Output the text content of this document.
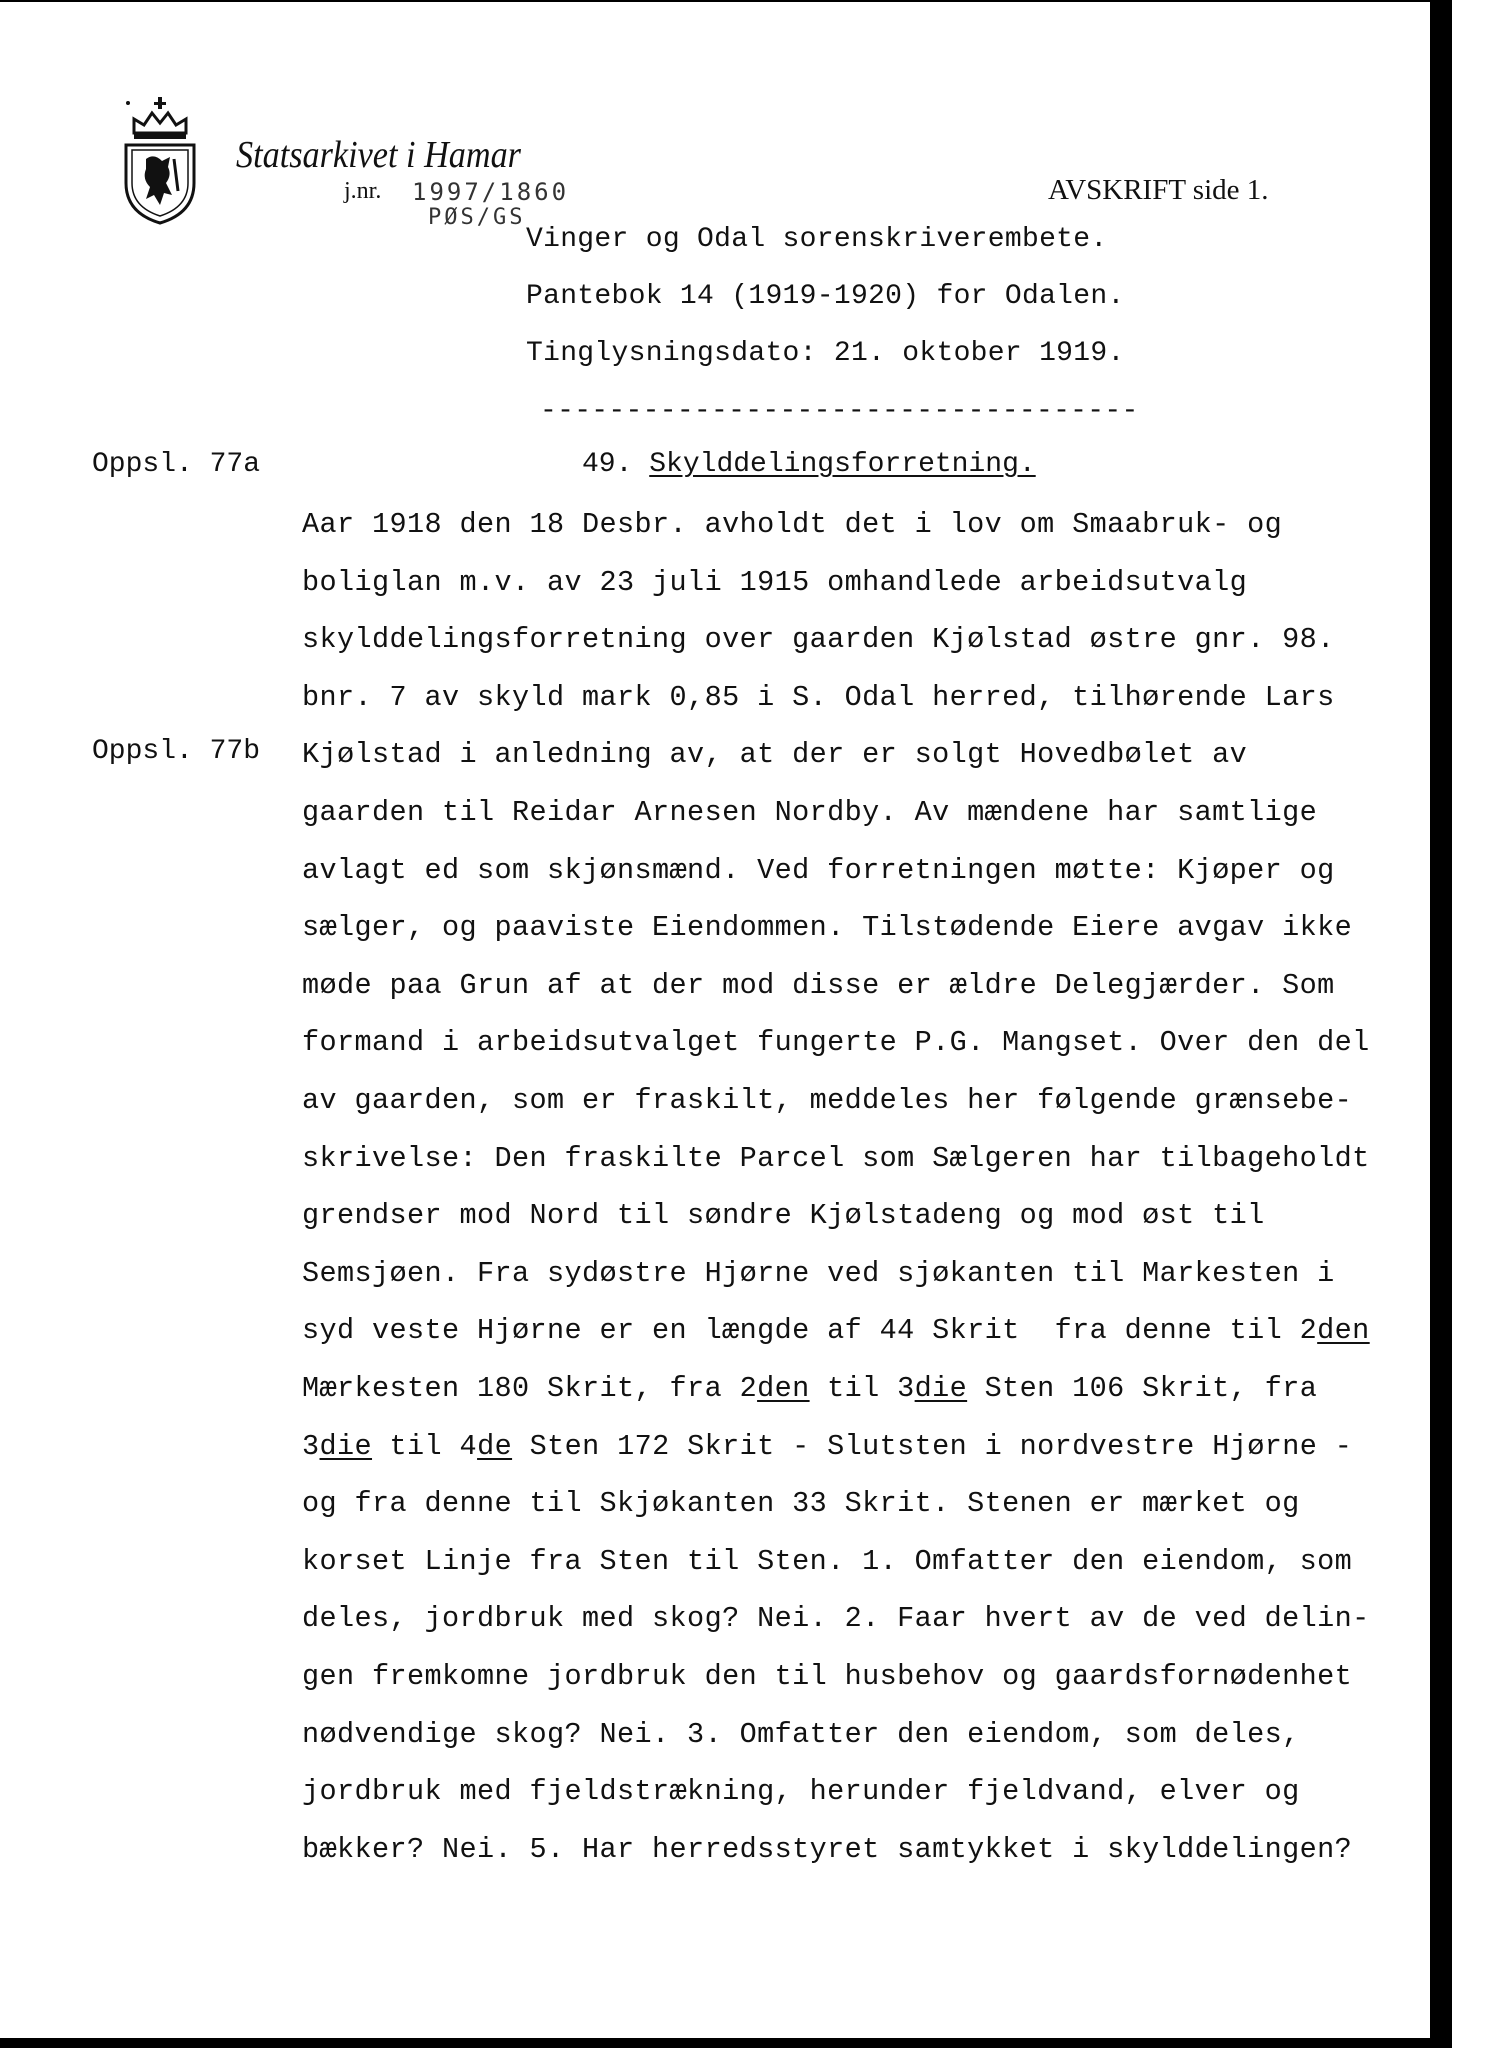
Statsarkivet i Hamar
j.nr. 1997/1860
PØS/GS
AVSKRIFT side 1.
Vinger og Odal sorenskriverembete.
Pantebok 14 (1919-1920) for Odalen.
Tinglysningsdato: 21. oktober 1919.
-----------------------------------
Oppsl. 77a	49. Skylddelingsforretning.
Oppsl. 77b
Aar 1918 den 18 Desbr. avholdt det i lov om Smaabruk- og
boliglan m.v. av 23 juli 1915 omhandlede arbeidsutvalg
skylddelingsforretning over gaarden Kjølstad østre gnr. 98.
bnr. 7 av skyld mark 0,85 i S. Odal herred, tilhørende Lars
Kjølstad i anledning av, at der er solgt Hovedbølet av
gaarden til Reidar Arnesen Nordby. Av mændene har samtlige
avlagt ed som skjønsmænd. Ved forretningen møtte: Kjøper og
sælger, og paaviste Eiendommen. Tilstødende Eiere avgav ikke
møde paa Grun af at der mod disse er ældre Delegjærder. Som
formand i arbeidsutvalget fungerte P.G. Mangset. Over den del
av gaarden, som er fraskilt, meddeles her følgende grænsebe-
skrivelse: Den fraskilte Parcel som Sælgeren har tilbageholdt
grendser mod Nord til søndre Kjølstadeng og mod øst til
Semsjøen. Fra sydøstre Hjørne ved sjøkanten til Markesten i
syd veste Hjørne er en længde af 44 Skrit  fra denne til 2den
Mærkesten 180 Skrit, fra 2den til 3die Sten 106 Skrit, fra
3die til 4de Sten 172 Skrit - Slutsten i nordvestre Hjørne -
og fra denne til Skjøkanten 33 Skrit. Stenen er mærket og
korset Linje fra Sten til Sten. 1. Omfatter den eiendom, som
deles, jordbruk med skog? Nei. 2. Faar hvert av de ved delin-
gen fremkomne jordbruk den til husbehov og gaardsfornødenhet
nødvendige skog? Nei. 3. Omfatter den eiendom, som deles,
jordbruk med fjeldstrækning, herunder fjeldvand, elver og
bækker? Nei. 5. Har herredsstyret samtykket i skylddelingen?
